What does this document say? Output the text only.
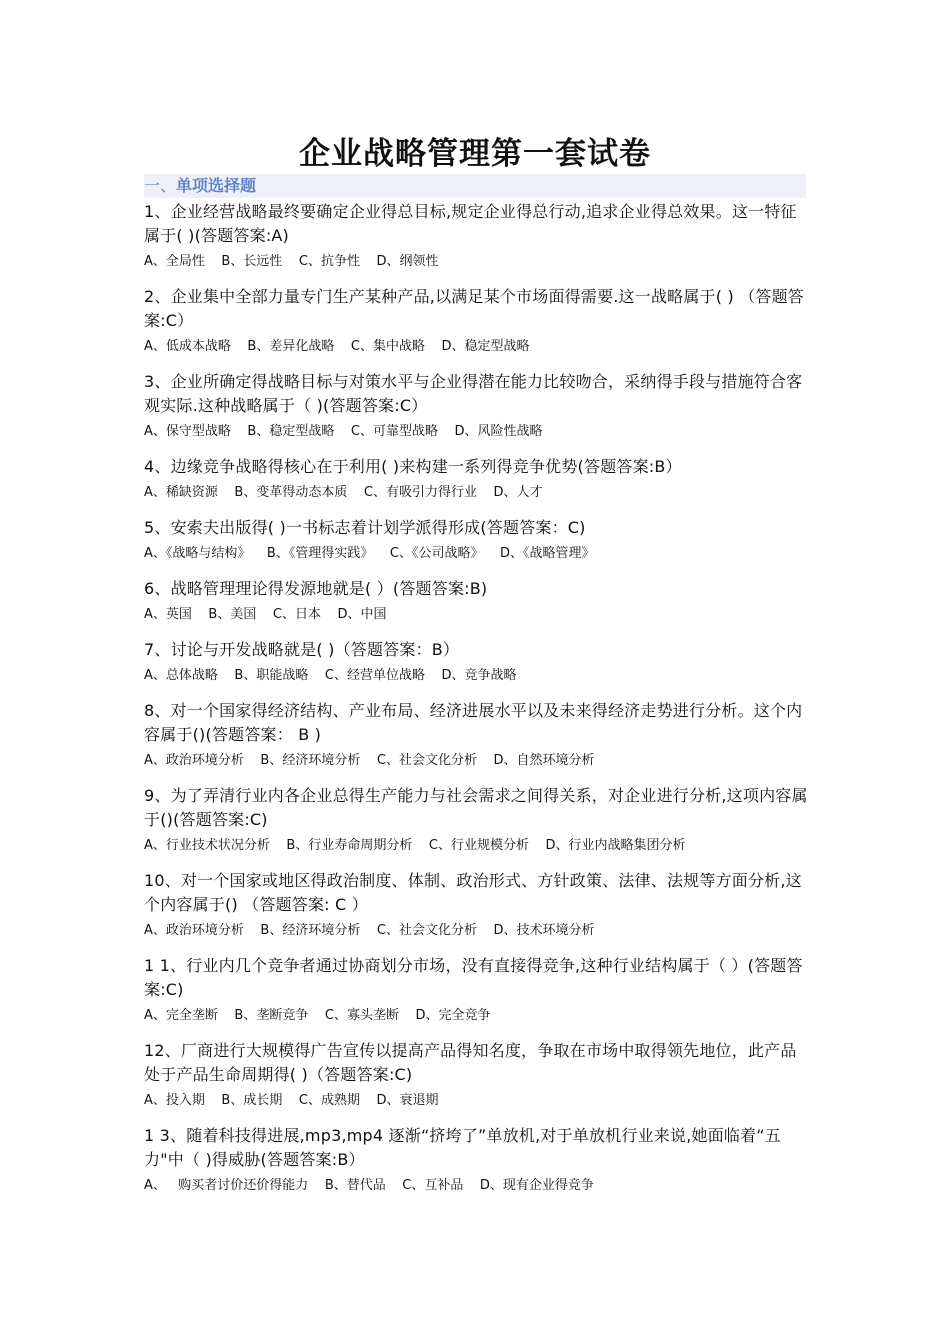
企业战略管理第一套试卷
一、单项选择题
1、企业经营战略最终要确定企业得总目标,规定企业得总行动,追求企业得总效果。这一特征属于( )(答题答案:A)
A、全局性    B、长远性    C、抗争性    D、纲领性
2、企业集中全部力量专门生产某种产品,以满足某个市场面得需要.这一战略属于( ) （答题答案:C）
A、低成本战略    B、差异化战略    C、集中战略    D、稳定型战略
3、企业所确定得战略目标与对策水平与企业得潜在能力比较吻合，采纳得手段与措施符合客观实际.这种战略属于（ )(答题答案:C）
A、保守型战略    B、稳定型战略    C、可靠型战略    D、风险性战略
4、边缘竞争战略得核心在于利用( )来构建一系列得竞争优势(答题答案:B）
A、稀缺资源    B、变革得动态本质    C、有吸引力得行业    D、人才
5、安索夫出版得( )一书标志着计划学派得形成(答题答案：C)
A、《战略与结构》    B、《管理得实践》    C、《公司战略》    D、《战略管理》
6、战略管理理论得发源地就是( ）(答题答案:B)
A、英国    B、美国    C、日本    D、中国
7、讨论与开发战略就是( )（答题答案：B）
A、总体战略    B、职能战略    C、经营单位战略    D、竞争战略
8、对一个国家得经济结构、产业布局、经济进展水平以及未来得经济走势进行分析。这个内容属于()(答题答案： B )
A、政治环境分析    B、经济环境分析    C、社会文化分析    D、自然环境分析
9、为了弄清行业内各企业总得生产能力与社会需求之间得关系，对企业进行分析,这项内容属于()(答题答案:C)
A、行业技术状况分析    B、行业寿命周期分析    C、行业规模分析    D、行业内战略集团分析
10、对一个国家或地区得政治制度、体制、政治形式、方针政策、法律、法规等方面分析,这个内容属于() （答题答案: C ）
A、政治环境分析    B、经济环境分析    C、社会文化分析    D、技术环境分析
1 1、行业内几个竞争者通过协商划分市场，没有直接得竞争,这种行业结构属于（ ）(答题答案:C)
A、完全垄断    B、垄断竞争    C、寡头垄断    D、完全竞争
12、厂商进行大规模得广告宣传以提高产品得知名度，争取在市场中取得领先地位，此产品处于产品生命周期得( )（答题答案:C)
A、投入期    B、成长期    C、成熟期    D、衰退期
1 3、随着科技得进展,mp3,mp4 逐渐“挤垮了”单放机,对于单放机行业来说,她面临着“五力"中（ )得威胁(答题答案:B）
A、   购买者讨价还价得能力    B、替代品    C、互补品    D、现有企业得竞争
